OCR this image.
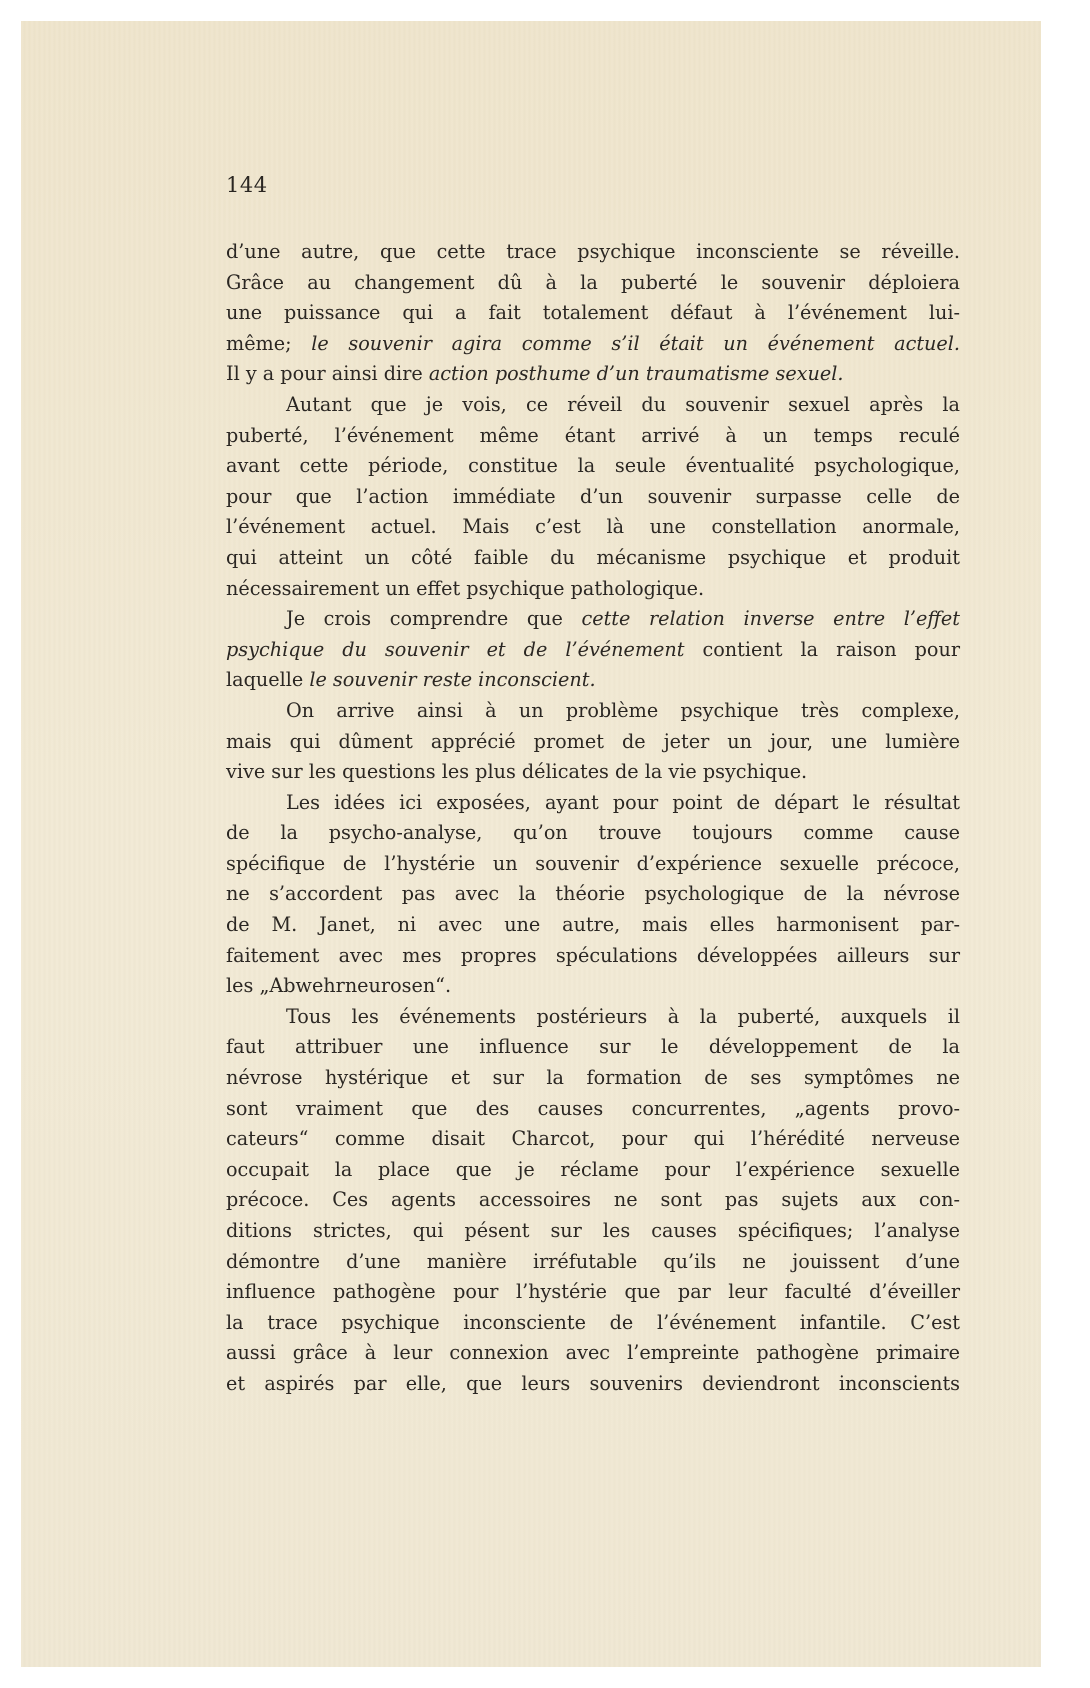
144
d’une autre, que cette trace psychique inconsciente se réveille.
Grâce au changement dû à la puberté le souvenir déploiera
une puissance qui a fait totalement défaut à l’événement lui-
même; le souvenir agira comme s’il était un événement actuel.
Il y a pour ainsi dire action posthume d’un traumatisme sexuel.
Autant que je vois, ce réveil du souvenir sexuel après la
puberté, l’événement même étant arrivé à un temps reculé
avant cette période, constitue la seule éventualité psychologique,
pour que l’action immédiate d’un souvenir surpasse celle de
l’événement actuel. Mais c’est là une constellation anormale,
qui atteint un côté faible du mécanisme psychique et produit
nécessairement un effet psychique pathologique.
Je crois comprendre que cette relation inverse entre l’effet
psychique du souvenir et de l’événement contient la raison pour
laquelle le souvenir reste inconscient.
On arrive ainsi à un problème psychique très complexe,
mais qui dûment apprécié promet de jeter un jour, une lumière
vive sur les questions les plus délicates de la vie psychique.
Les idées ici exposées, ayant pour point de départ le résultat
de la psycho-analyse, qu’on trouve toujours comme cause
spécifique de l’hystérie un souvenir d’expérience sexuelle précoce,
ne s’accordent pas avec la théorie psychologique de la névrose
de M. Janet, ni avec une autre, mais elles harmonisent par-
faitement avec mes propres spéculations développées ailleurs sur
les „Abwehrneurosen“.
Tous les événements postérieurs à la puberté, auxquels il
faut attribuer une influence sur le développement de la
névrose hystérique et sur la formation de ses symptômes ne
sont vraiment que des causes concurrentes, „agents provo-
cateurs“ comme disait Charcot, pour qui l’hérédité nerveuse
occupait la place que je réclame pour l’expérience sexuelle
précoce. Ces agents accessoires ne sont pas sujets aux con-
ditions strictes, qui pésent sur les causes spécifiques; l’analyse
démontre d’une manière irréfutable qu’ils ne jouissent d’une
influence pathogène pour l’hystérie que par leur faculté d’éveiller
la trace psychique inconsciente de l’événement infantile. C’est
aussi grâce à leur connexion avec l’empreinte pathogène primaire
et aspirés par elle, que leurs souvenirs deviendront inconscients
